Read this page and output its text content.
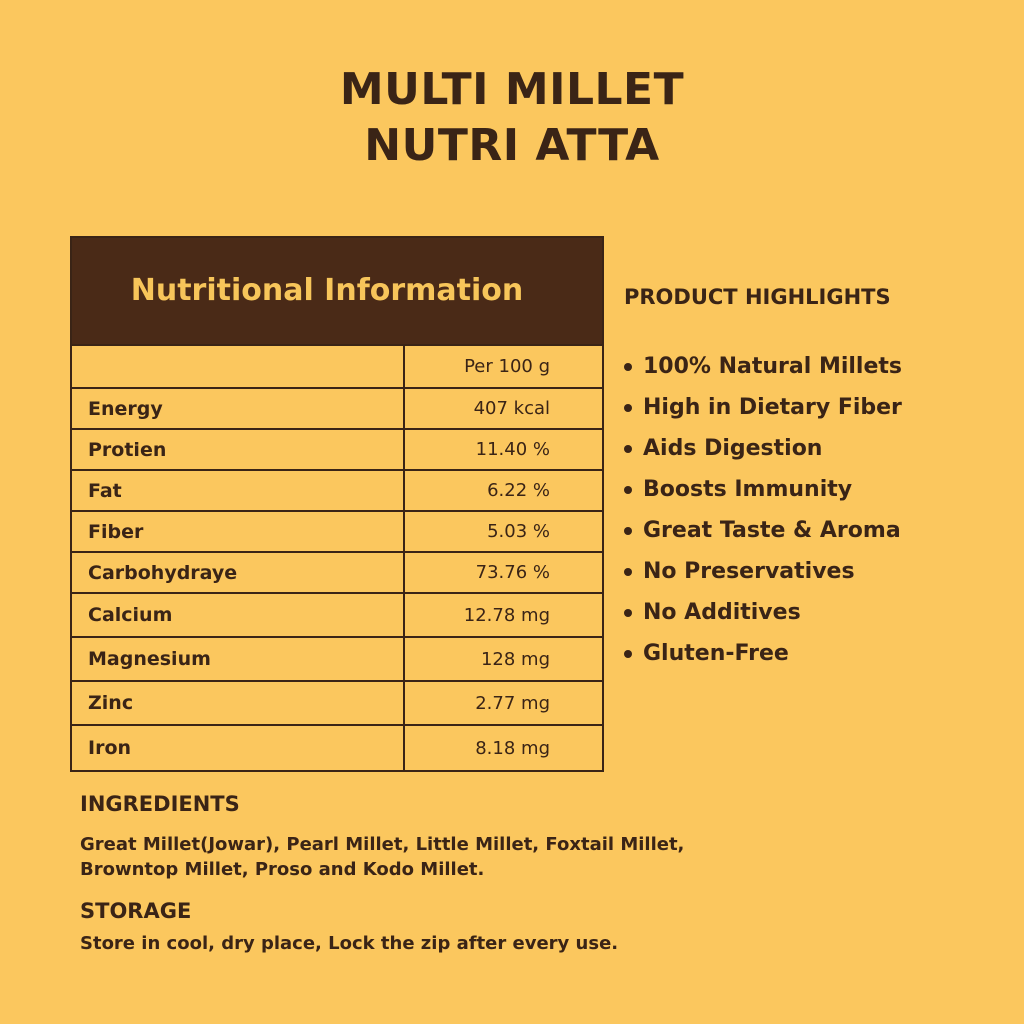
MULTI MILLET
NUTRI ATTA
Nutritional Information
Per 100 g
Energy	407 kcal
Protien	11.40 %
Fat	6.22 %
Fiber	5.03 %
Carbohydraye	73.76 %
Calcium	12.78 mg
Magnesium	128 mg
Zinc	2.77 mg
Iron	8.18 mg
PRODUCT HIGHLIGHTS
100% Natural Millets
High in Dietary Fiber
Aids Digestion
Boosts Immunity
Great Taste & Aroma
No Preservatives
No Additives
Gluten-Free
INGREDIENTS
Great Millet(Jowar), Pearl Millet, Little Millet, Foxtail Millet,
Browntop Millet, Proso and Kodo Millet.
STORAGE
Store in cool, dry place, Lock the zip after every use.
